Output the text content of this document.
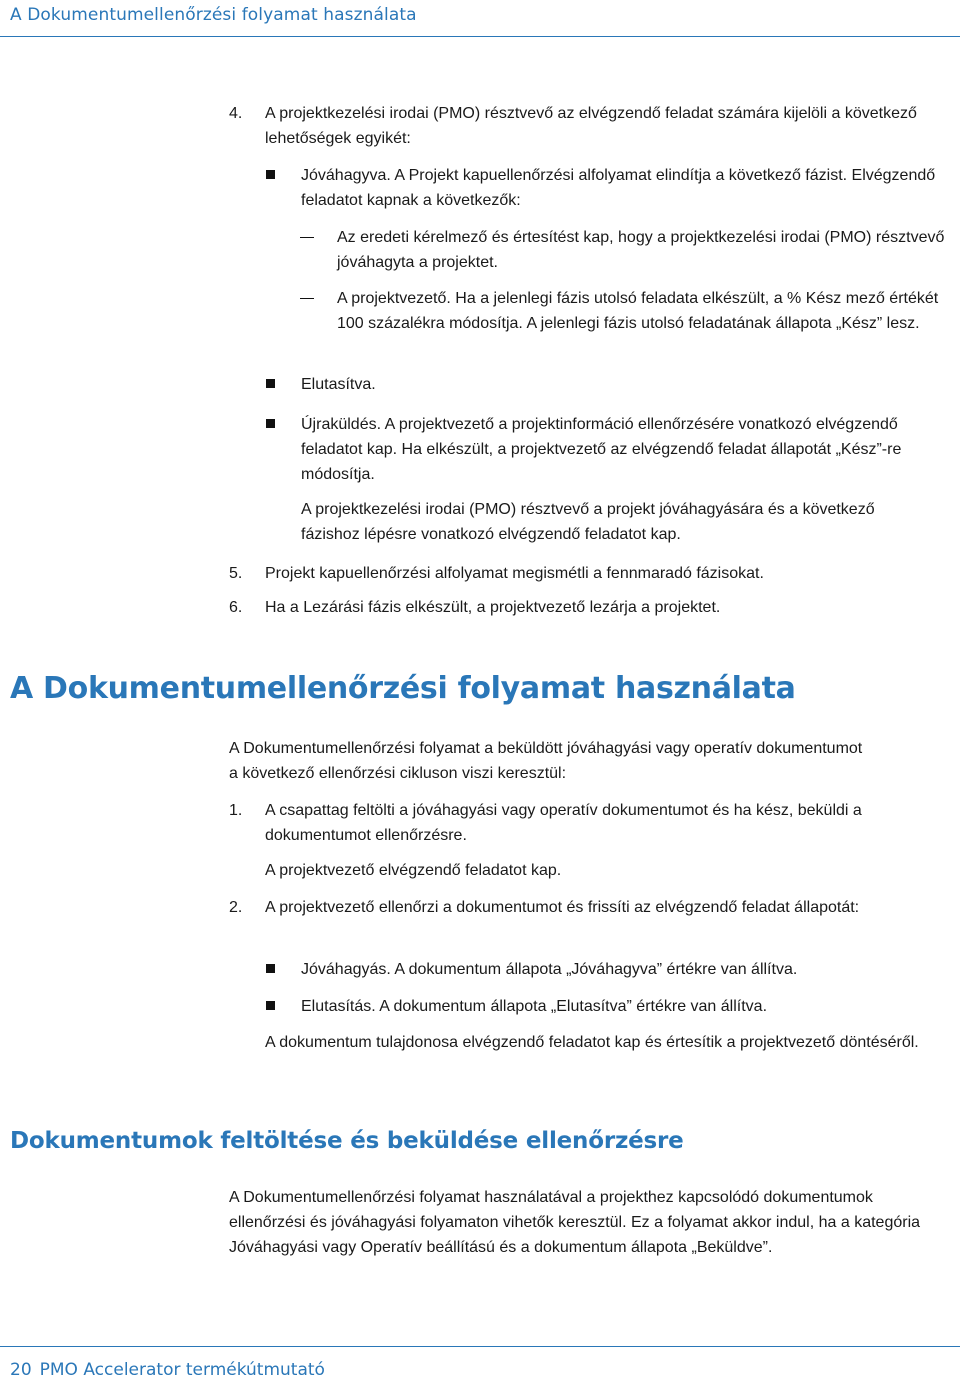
A Dokumentumellenőrzési folyamat használata
4. A projektkezelési irodai (PMO) résztvevő az elvégzendő feladat számára kijelöli a következő lehetőségek egyikét:

Jóváhagyva. A Projekt kapuellenőrzési alfolyamat elindítja a következő fázist. Elvégzendő feladatot kapnak a következők:

Az eredeti kérelmező és értesítést kap, hogy a projektkezelési irodai (PMO) résztvevő jóváhagyta a projektet.

A projektvezető. Ha a jelenlegi fázis utolsó feladata elkészült, a % Kész mező értékét 100 százalékra módosítja. A jelenlegi fázis utolsó feladatának állapota „Kész” lesz.

Elutasítva.

Újraküldés. A projektvezető a projektinformáció ellenőrzésére vonatkozó elvégzendő feladatot kap. Ha elkészült, a projektvezető az elvégzendő feladat állapotát „Kész”-re módosítja.

A projektkezelési irodai (PMO) résztvevő a projekt jóváhagyására és a következő fázishoz lépésre vonatkozó elvégzendő feladatot kap.

5. Projekt kapuellenőrzési alfolyamat megismétli a fennmaradó fázisokat.

6. Ha a Lezárási fázis elkészült, a projektvezető lezárja a projektet.

A Dokumentumellenőrzési folyamat használata

A Dokumentumellenőrzési folyamat a beküldött jóváhagyási vagy operatív dokumentumot a következő ellenőrzési cikluson viszi keresztül:

1. A csapattag feltölti a jóváhagyási vagy operatív dokumentumot és ha kész, beküldi a dokumentumot ellenőrzésre.

A projektvezető elvégzendő feladatot kap.

2. A projektvezető ellenőrzi a dokumentumot és frissíti az elvégzendő feladat állapotát:

Jóváhagyás. A dokumentum állapota „Jóváhagyva” értékre van állítva.

Elutasítás. A dokumentum állapota „Elutasítva” értékre van állítva.

A dokumentum tulajdonosa elvégzendő feladatot kap és értesítik a projektvezető döntéséről.

Dokumentumok feltöltése és beküldése ellenőrzésre

A Dokumentumellenőrzési folyamat használatával a projekthez kapcsolódó dokumentumok ellenőrzési és jóváhagyási folyamaton vihetők keresztül. Ez a folyamat akkor indul, ha a kategória Jóváhagyási vagy Operatív beállítású és a dokumentum állapota „Beküldve”.

20 PMO Accelerator termékútmutató
